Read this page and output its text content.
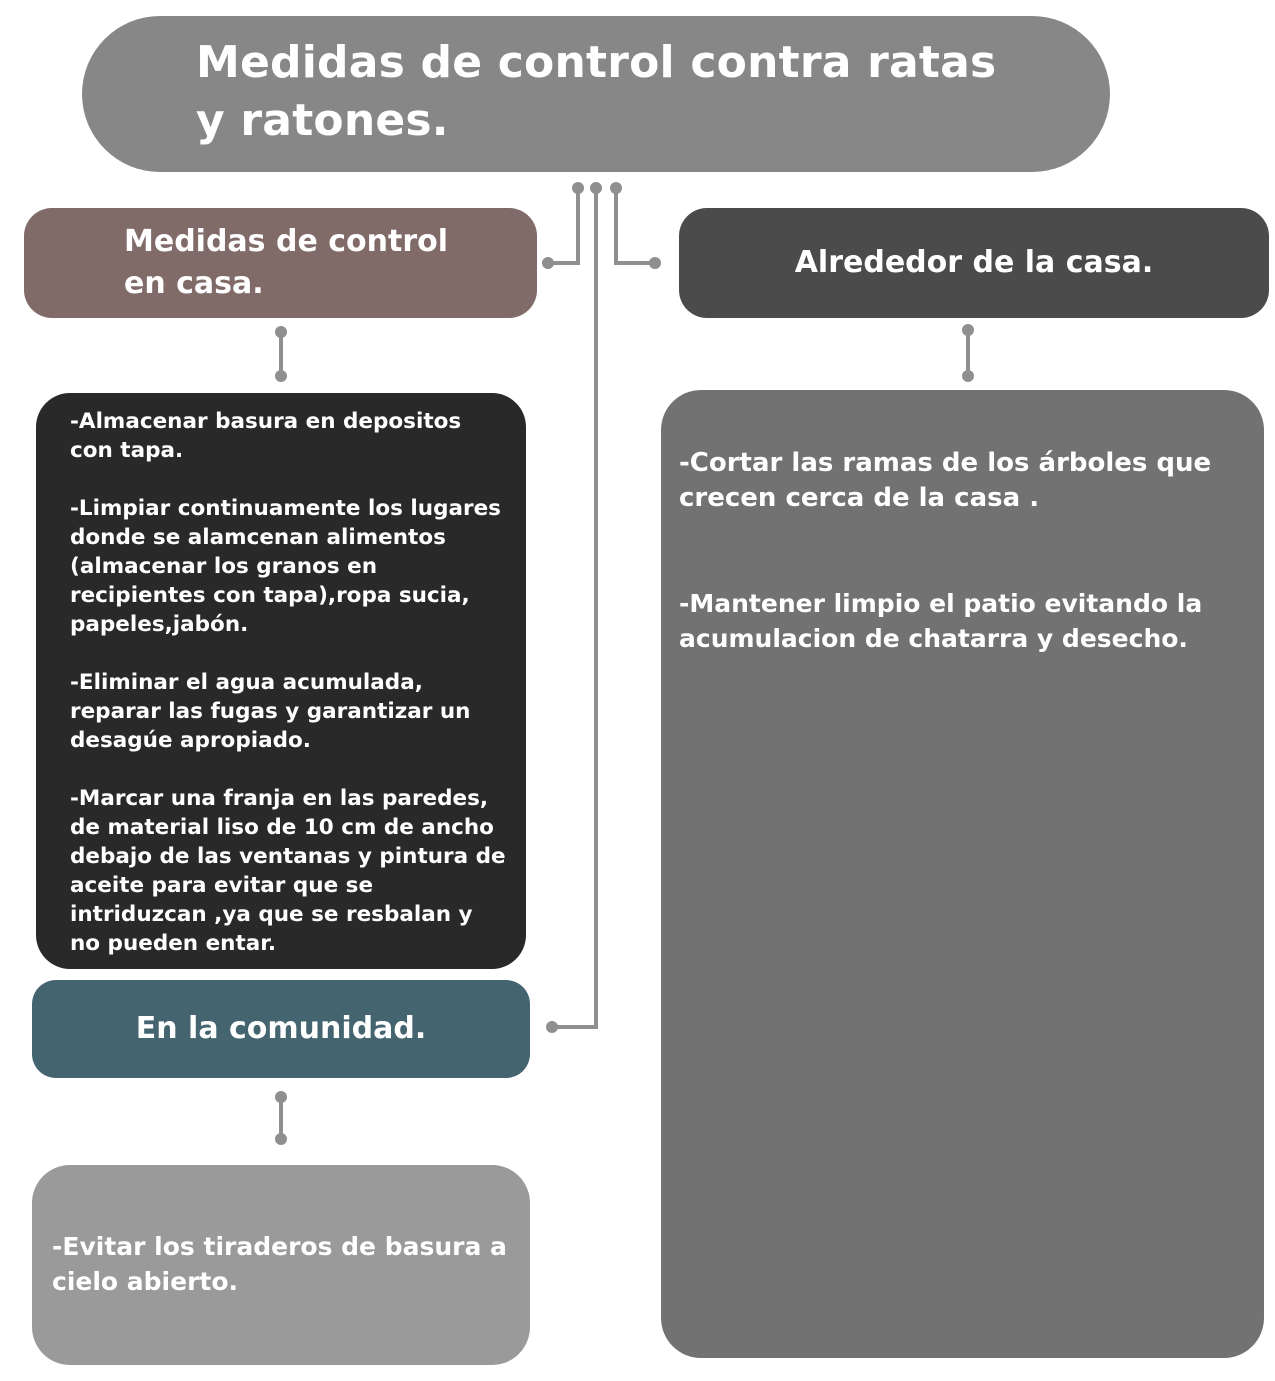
Medidas de control contra ratas y ratones.
Medidas de control en casa.
Alrededor de la casa.

-Almacenar basura en depositos con tapa.

-Limpiar continuamente los lugares donde se alamcenan alimentos (almacenar los granos en recipientes con tapa),ropa sucia, papeles,jabón.

-Eliminar el agua acumulada, reparar las fugas y garantizar un desagúe apropiado.

-Marcar una franja en las paredes, de material liso de 10 cm de ancho debajo de las ventanas y pintura de aceite para evitar que se intriduzcan ,ya que se resbalan y no pueden entar.

-Cortar las ramas de los árboles que crecen cerca de la casa .

-Mantener limpio el patio evitando la acumulacion de chatarra y desecho.

En la comunidad.

-Evitar los tiraderos de basura a cielo abierto.
